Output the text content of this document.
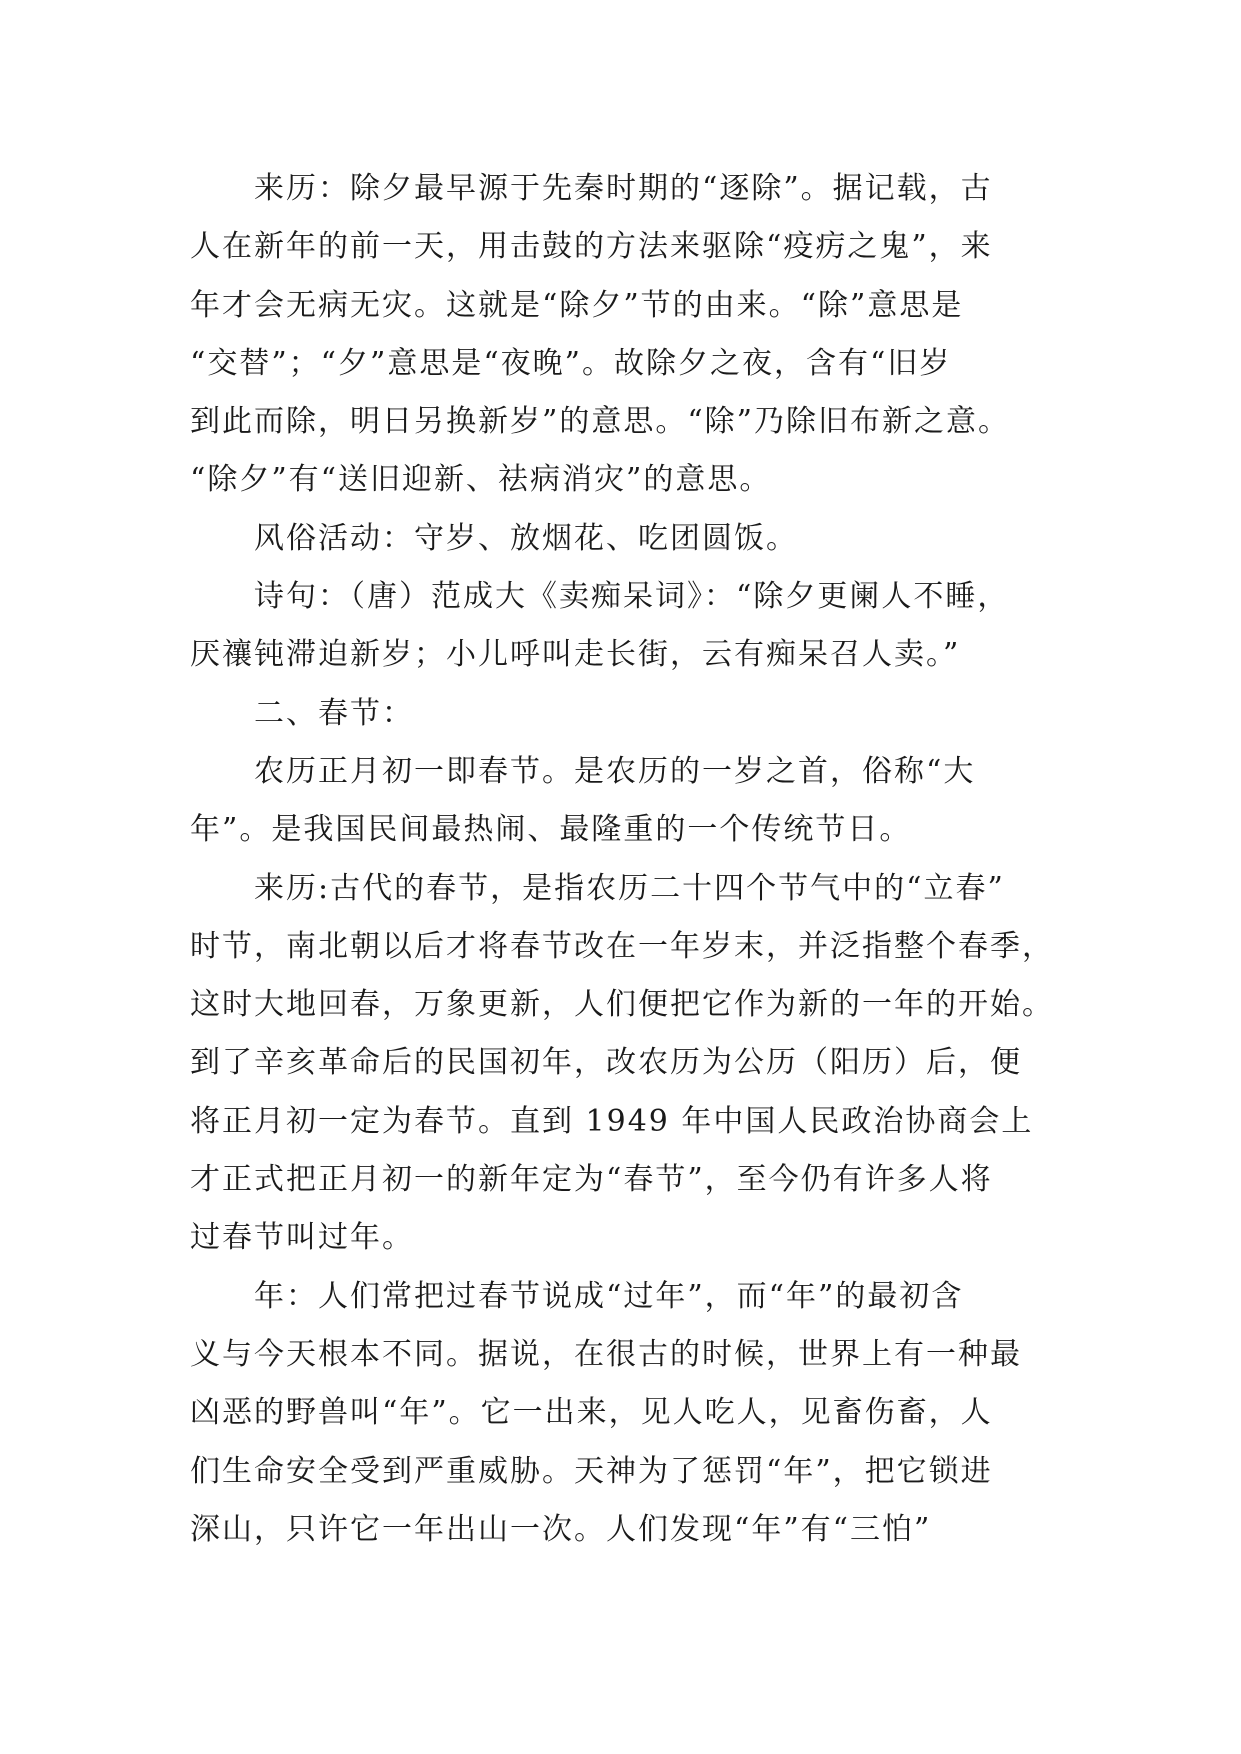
来历：除夕最早源于先秦时期的“逐除”。据记载，古
人在新年的前一天，用击鼓的方法来驱除“疫疠之鬼”，来
年才会无病无灾。这就是“除夕”节的由来。“除”意思是
“交替”；“夕”意思是“夜晚”。故除夕之夜，含有“旧岁
到此而除，明日另换新岁”的意思。“除”乃除旧布新之意。
“除夕”有“送旧迎新、祛病消灾”的意思。
风俗活动：守岁、放烟花、吃团圆饭。
诗句：（唐）范成大《卖痴呆词》：“除夕更阑人不睡，
厌禳钝滞迫新岁；小儿呼叫走长街，云有痴呆召人卖。”
二、春节：
农历正月初一即春节。是农历的一岁之首，俗称“大
年”。是我国民间最热闹、最隆重的一个传统节日。
来历:古代的春节，是指农历二十四个节气中的“立春”
时节，南北朝以后才将春节改在一年岁末，并泛指整个春季，
这时大地回春，万象更新，人们便把它作为新的一年的开始。
到了辛亥革命后的民国初年，改农历为公历（阳历）后，便
将正月初一定为春节。直到 1949 年中国人民政治协商会上
才正式把正月初一的新年定为“春节”，至今仍有许多人将
过春节叫过年。
年：人们常把过春节说成“过年”，而“年”的最初含
义与今天根本不同。据说，在很古的时候，世界上有一种最
凶恶的野兽叫“年”。它一出来，见人吃人，见畜伤畜，人
们生命安全受到严重威胁。天神为了惩罚“年”，把它锁进
深山，只许它一年出山一次。人们发现“年”有“三怕”
